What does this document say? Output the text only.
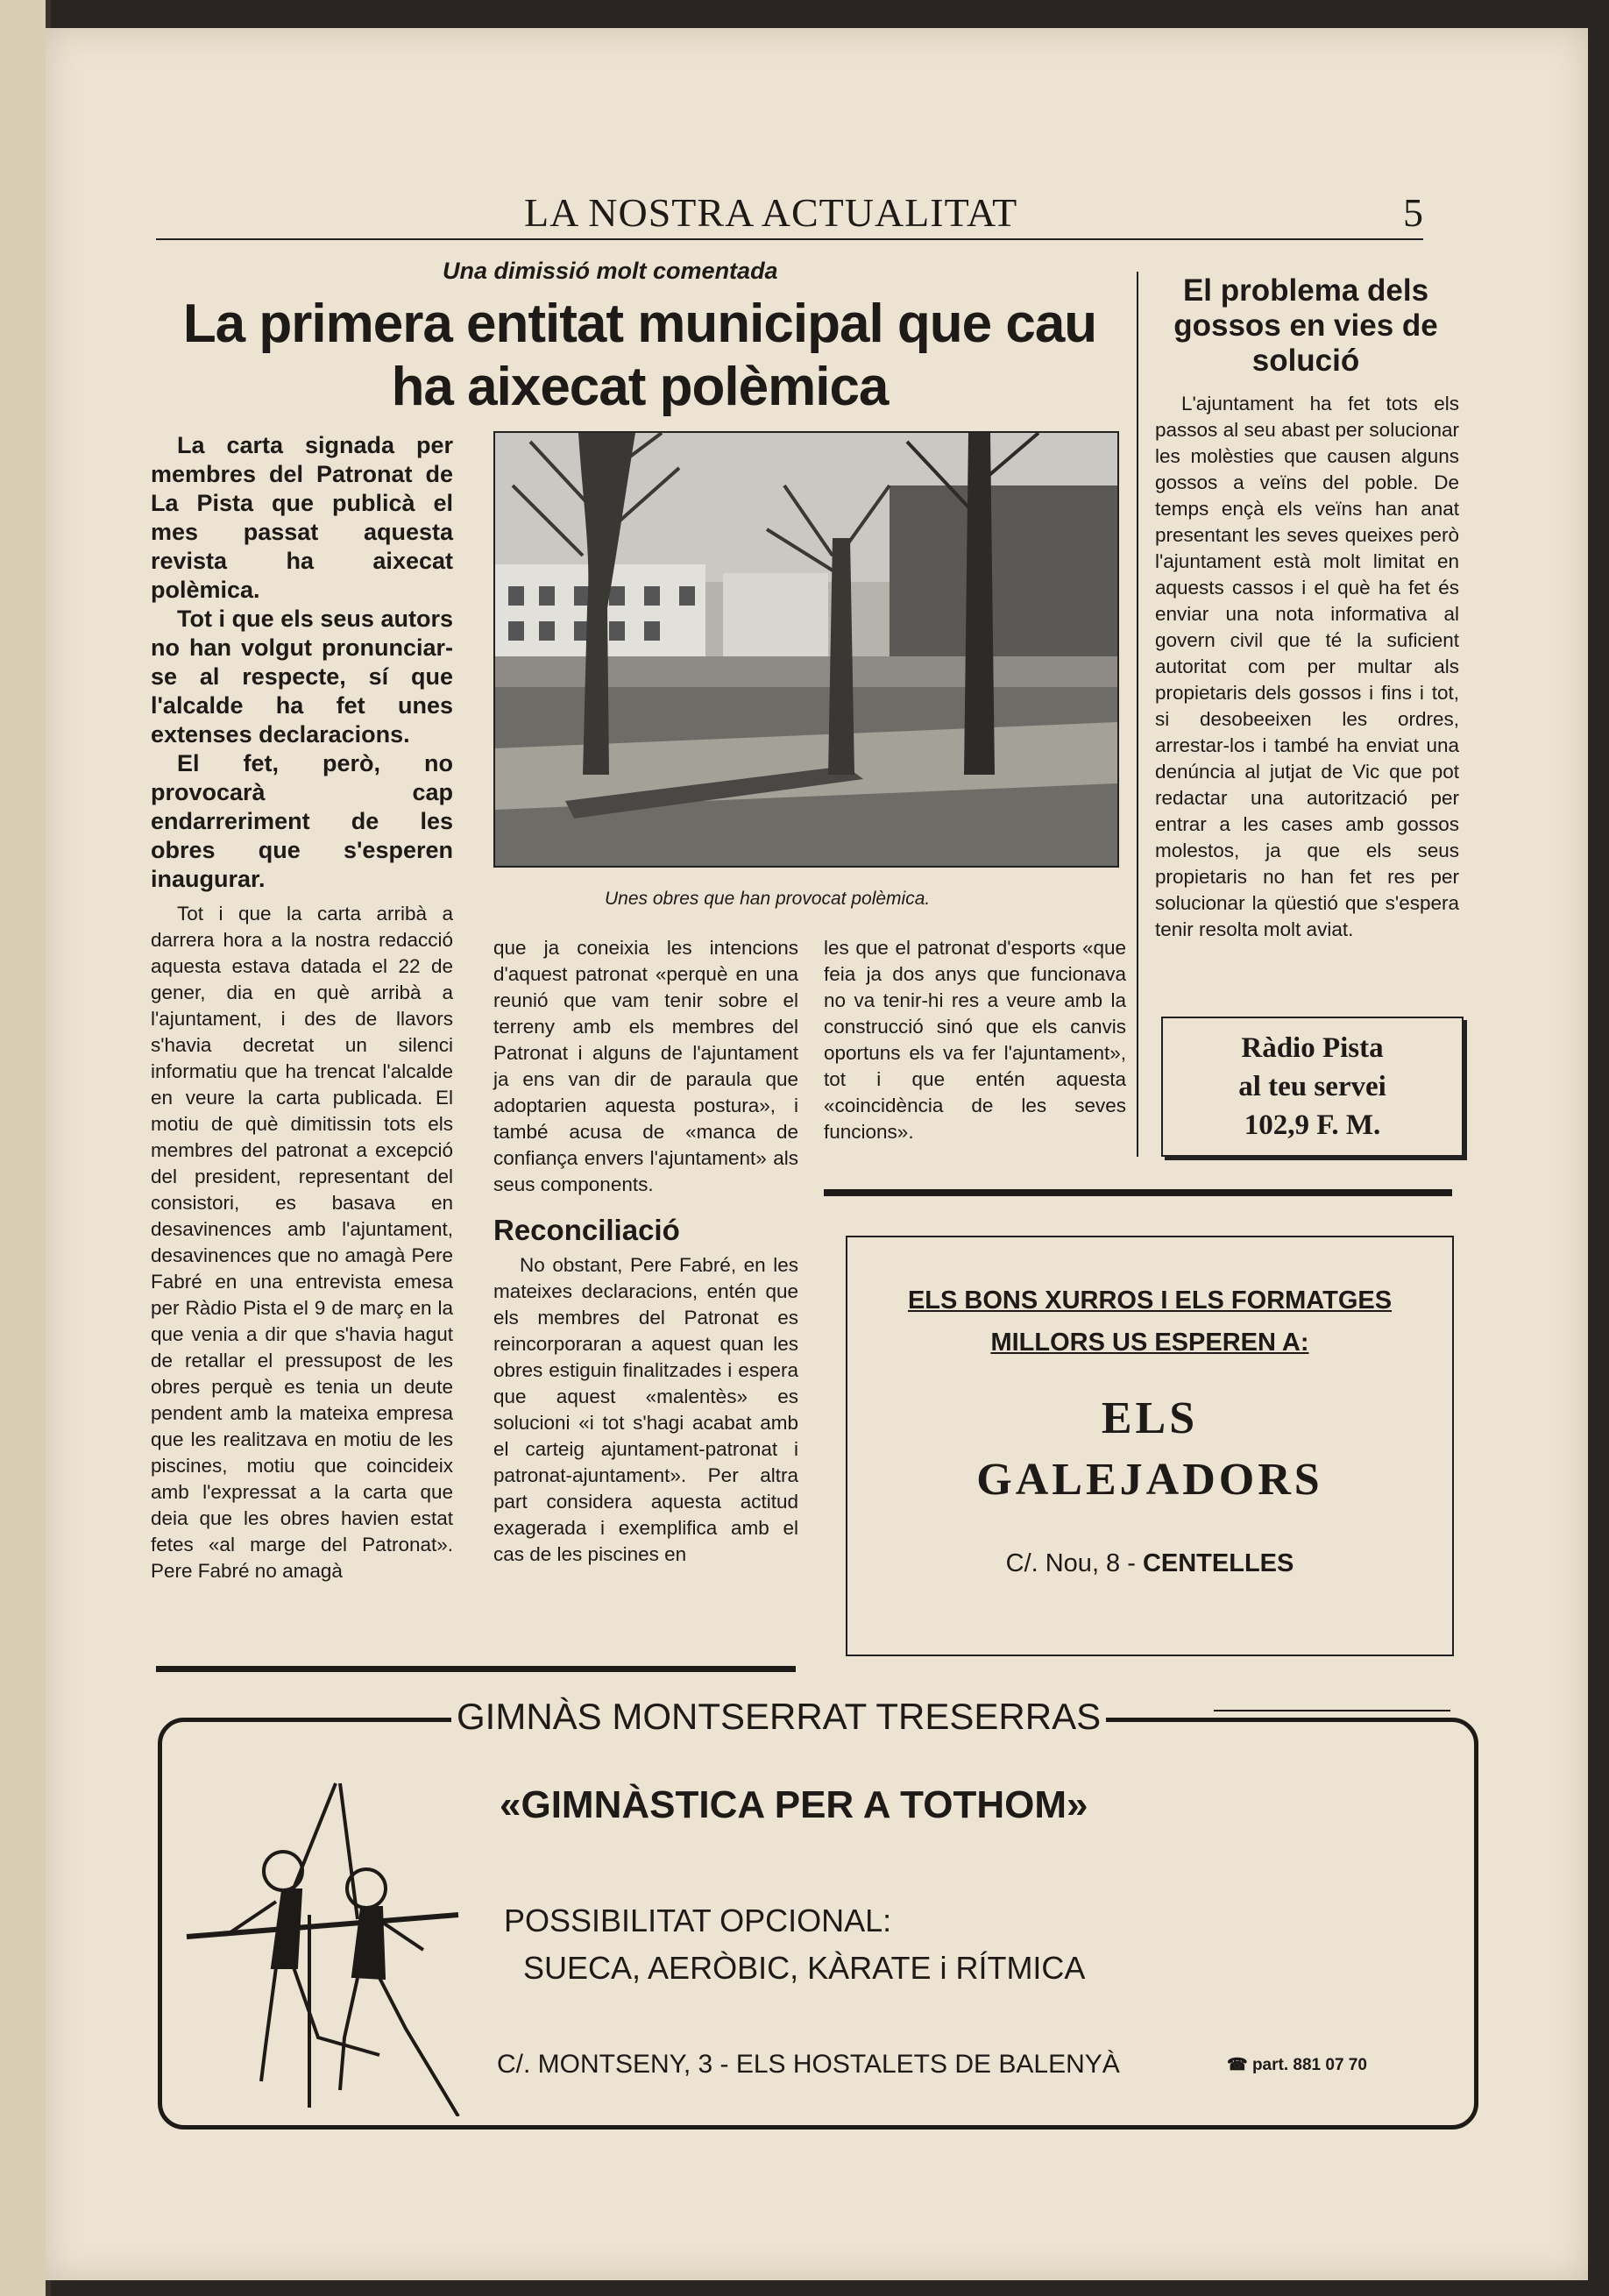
LA NOSTRA ACTUALITAT	5
Una dimissió molt comentada
La primera entitat municipal que cau ha aixecat polèmica

La carta signada per membres del Patronat de La Pista que publicà el mes passat aquesta revista ha aixecat polèmica.

Tot i que els seus autors no han volgut pronunciar-se al respecte, sí que l'alcalde ha fet unes extenses declaracions.

El fet, però, no provocarà cap endarreriment de les obres que s'esperen inaugurar.

Unes obres que han provocat polèmica.

Tot i que la carta arribà a darrera hora a la nostra redacció aquesta estava datada el 22 de gener, dia en què arribà a l'ajuntament, i des de llavors s'havia decretat un silenci informatiu que ha trencat l'alcalde en veure la carta publicada. El motiu de què dimitissin tots els membres del patronat a excepció del president, representant del consistori, es basava en desavinences amb l'ajuntament, desavinences que no amagà Pere Fabré en una entrevista emesa per Ràdio Pista el 9 de març en la que venia a dir que s'havia hagut de retallar el pressupost de les obres perquè es tenia un deute pendent amb la mateixa empresa que les realitzava en motiu de les piscines, motiu que coincideix amb l'expressat a la carta que deia que les obres havien estat fetes «al marge del Patronat». Pere Fabré no amagà

que ja coneixia les intencions d'aquest patronat «perquè en una reunió que vam tenir sobre el terreny amb els membres del Patronat i alguns de l'ajuntament ja ens van dir de paraula que adoptarien aquesta postura», i també acusa de «manca de confiança envers l'ajuntament» als seus components.

Reconciliació

No obstant, Pere Fabré, en les mateixes declaracions, entén que els membres del Patronat es reincorporaran a aquest quan les obres estiguin finalitzades i espera que aquest «malentès» es solucioni «i tot s'hagi acabat amb el carteig ajuntament-patronat i patronat-ajuntament». Per altra part considera aquesta actitud exagerada i exemplifica amb el cas de les piscines en

les que el patronat d'esports «que feia ja dos anys que funcionava no va tenir-hi res a veure amb la construcció sinó que els canvis oportuns els va fer l'ajuntament», tot i que entén aquesta «coincidència de les seves funcions».

El problema dels gossos en vies de solució

L'ajuntament ha fet tots els passos al seu abast per solucionar les molèsties que causen alguns gossos a veïns del poble. De temps ençà els veïns han anat presentant les seves queixes però l'ajuntament està molt limitat en aquests cassos i el què ha fet és enviar una nota informativa al govern civil que té la suficient autoritat com per multar als propietaris dels gossos i fins i tot, si desobeeixen les ordres, arrestar-los i també ha enviat una denúncia al jutjat de Vic que pot redactar una autorització per entrar a les cases amb gossos molestos, ja que els seus propietaris no han fet res per solucionar la qüestió que s'espera tenir resolta molt aviat.

Ràdio Pista
al teu servei
102,9 F. M.
ELS BONS XURROS I ELS FORMATGES
MILLORS US ESPEREN A:
ELS
GALEJADORS
C/. Nou, 8 - CENTELLES
GIMNÀS MONTSERRAT TRESERRAS
«GIMNÀSTICA PER A TOTHOM»
POSSIBILITAT OPCIONAL:
SUECA, AERÒBIC, KÀRATE i RÍTMICA
C/. MONTSENY, 3 - ELS HOSTALETS DE BALENYÀ	☎ part. 881 07 70
